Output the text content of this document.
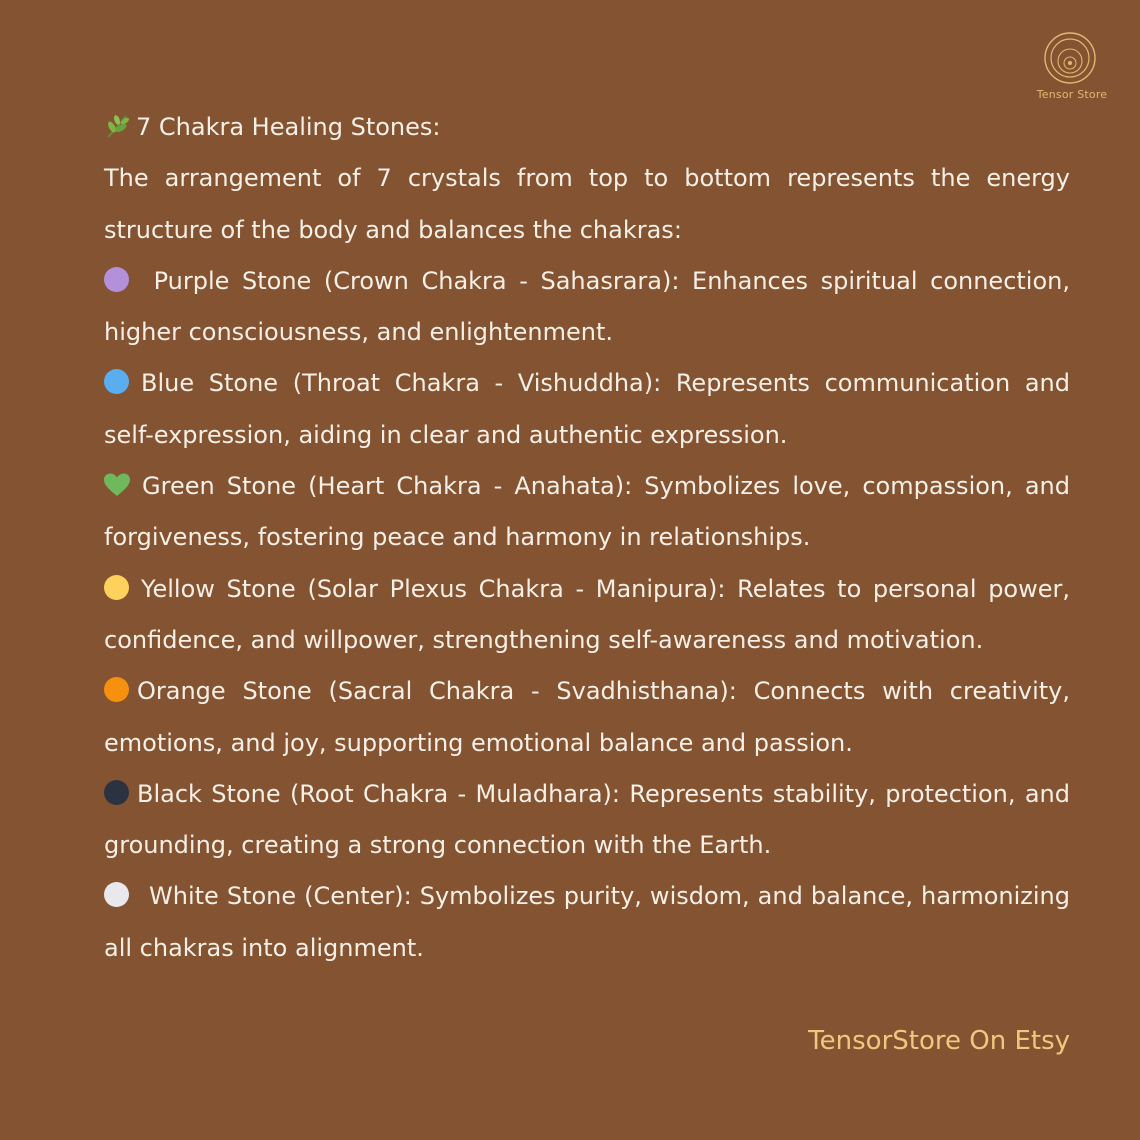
Tensor Store

7 Chakra Healing Stones:

The arrangement of 7 crystals from top to bottom represents the energy structure of the body and balances the chakras:

Purple Stone (Crown Chakra - Sahasrara): Enhances spiritual connection, higher consciousness, and enlightenment.

Blue Stone (Throat Chakra - Vishuddha): Represents communication and self-expression, aiding in clear and authentic expression.

Green Stone (Heart Chakra - Anahata): Symbolizes love, compassion, and forgiveness, fostering peace and harmony in relationships.

Yellow Stone (Solar Plexus Chakra - Manipura): Relates to personal power, confidence, and willpower, strengthening self-awareness and motivation.

Orange Stone (Sacral Chakra - Svadhisthana): Connects with creativity, emotions, and joy, supporting emotional balance and passion.

Black Stone (Root Chakra - Muladhara): Represents stability, protection, and grounding, creating a strong connection with the Earth.

White Stone (Center): Symbolizes purity, wisdom, and balance, harmonizing all chakras into alignment.

TensorStore On Etsy
